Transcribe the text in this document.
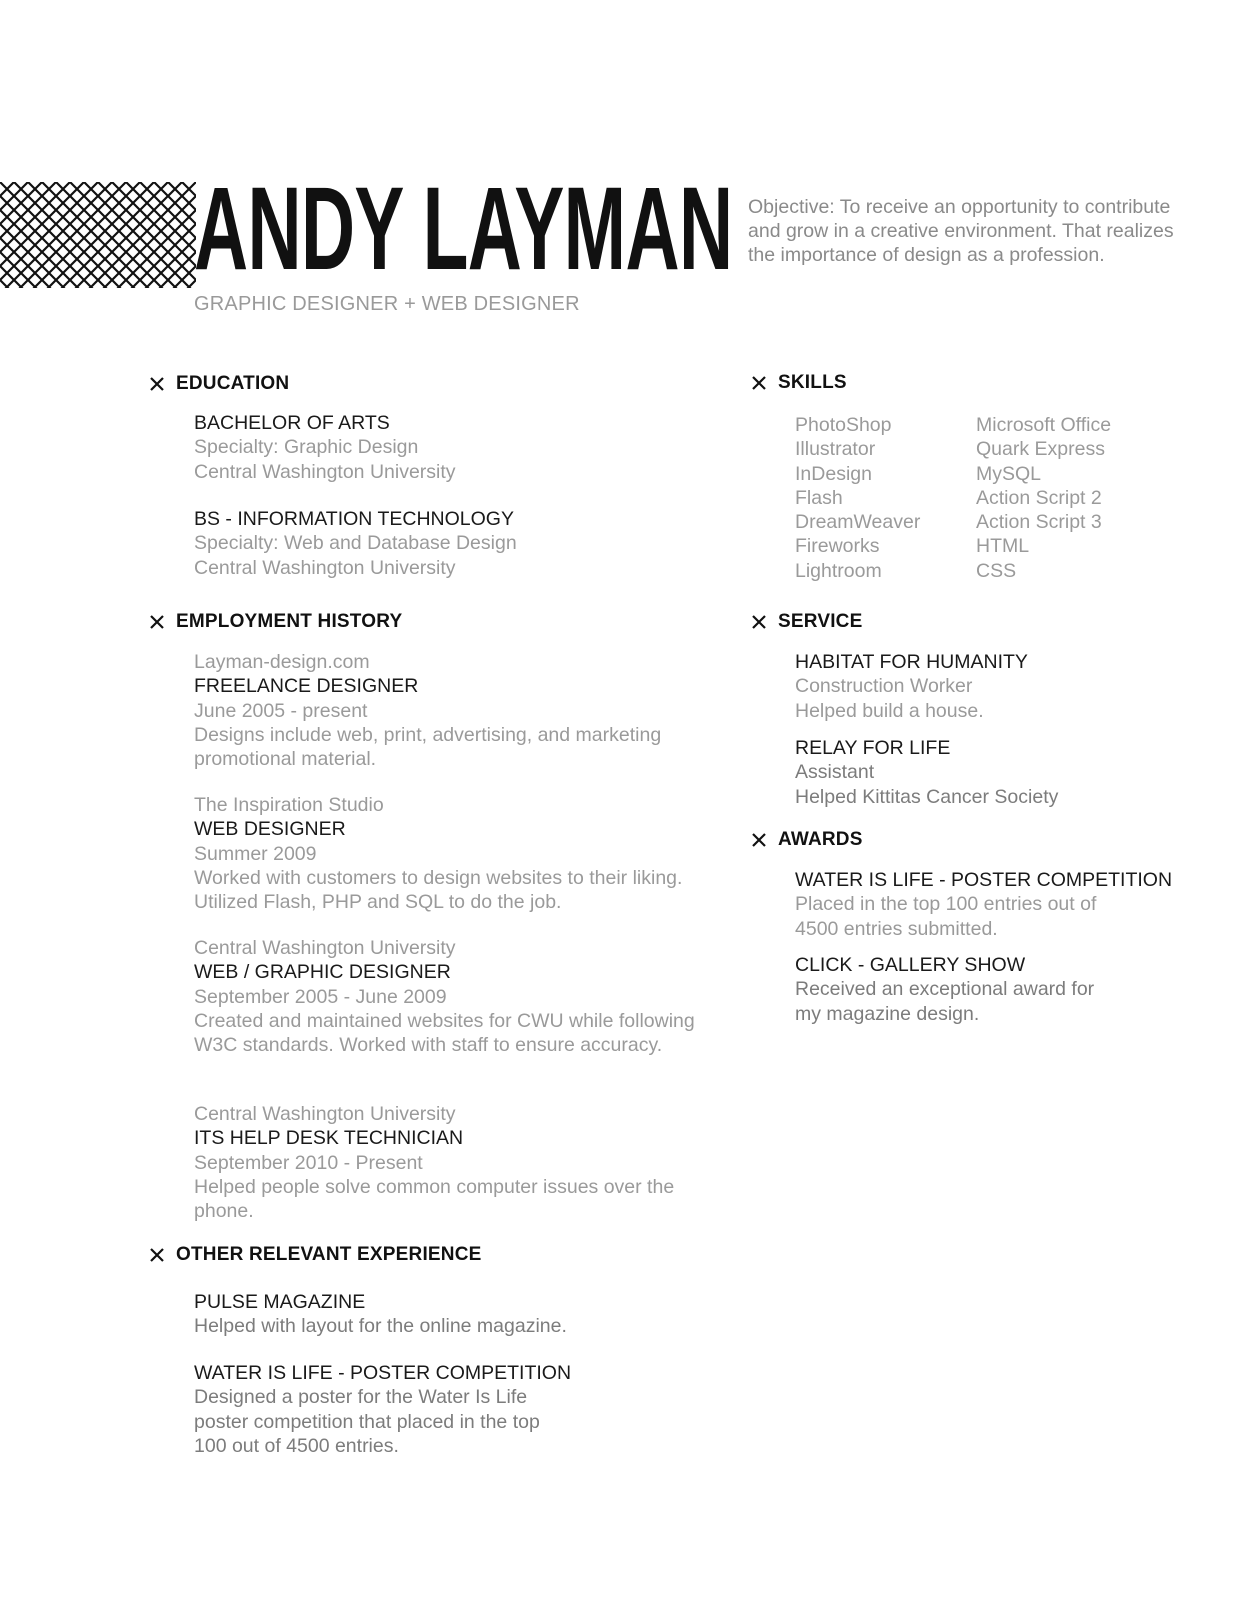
ANDY LAYMAN
GRAPHIC DESIGNER + WEB DESIGNER
Objective: To receive an opportunity to contribute and grow in a creative environment. That realizes the importance of design as a profession.
EDUCATION
BACHELOR OF ARTS
Specialty: Graphic Design
Central Washington University
BS - INFORMATION TECHNOLOGY
Specialty: Web and Database Design
Central Washington University
EMPLOYMENT HISTORY
Layman-design.com
FREELANCE DESIGNER
June 2005 - present
Designs include web, print, advertising, and marketing promotional material.
The Inspiration Studio
WEB DESIGNER
Summer 2009
Worked with customers to design websites to their liking. Utilized Flash, PHP and SQL to do the job.
Central Washington University
WEB / GRAPHIC DESIGNER
September 2005 - June 2009
Created and maintained websites for CWU while following W3C standards. Worked with staff to ensure accuracy.
Central Washington University
ITS HELP DESK TECHNICIAN
September 2010 - Present
Helped people solve common computer issues over the phone.
OTHER RELEVANT EXPERIENCE
PULSE MAGAZINE
Helped with layout for the online magazine.
WATER IS LIFE - POSTER COMPETITION
Designed a poster for the Water Is Life
poster competition that placed in the top
100 out of 4500 entries.
SKILLS
PhotoShop
Illustrator
InDesign
Flash
DreamWeaver
Fireworks
Lightroom
Microsoft Office
Quark Express
MySQL
Action Script 2
Action Script 3
HTML
CSS
SERVICE
HABITAT FOR HUMANITY
Construction Worker
Helped build a house.
RELAY FOR LIFE
Assistant
Helped Kittitas Cancer Society
AWARDS
WATER IS LIFE - POSTER COMPETITION
Placed in the top 100 entries out of
4500 entries submitted.
CLICK - GALLERY SHOW
Received an exceptional award for
my magazine design.
